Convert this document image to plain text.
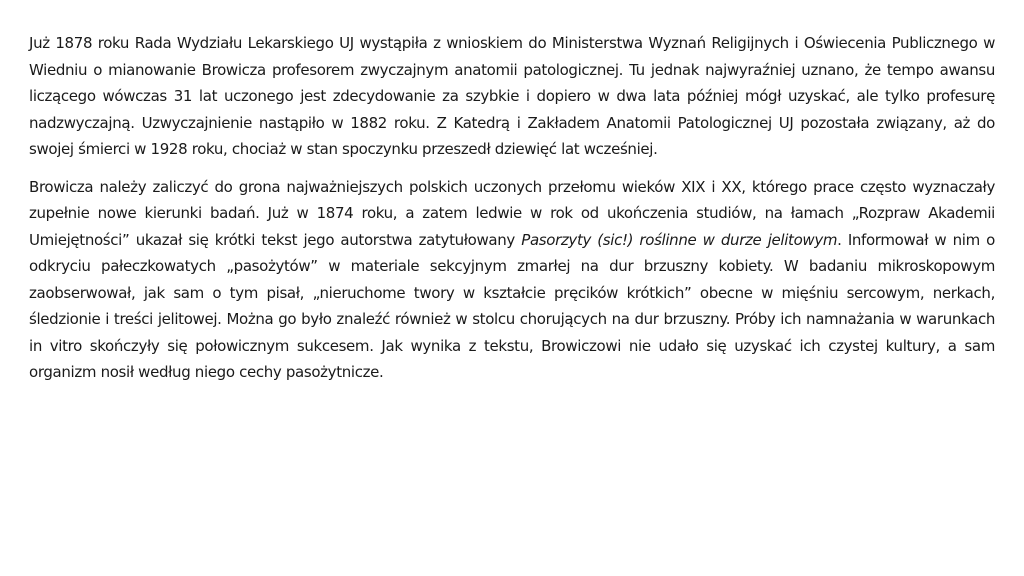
Już 1878 roku Rada Wydziału Lekarskiego UJ wystąpiła z wnioskiem do Ministerstwa Wyznań Religijnych i Oświecenia Publicznego w Wiedniu o mianowanie Browicza profesorem zwyczajnym anatomii patologicznej. Tu jednak najwyraźniej uznano, że tempo awansu liczącego wówczas 31 lat uczonego jest zdecydowanie za szybkie i dopiero w dwa lata później mógł uzyskać, ale tylko profesurę nadzwyczajną. Uzwyczajnienie nastąpiło w 1882 roku. Z Katedrą i Zakładem Anatomii Patologicznej UJ pozostała związany, aż do swojej śmierci w 1928 roku, chociaż w stan spoczynku przeszedł dziewięć lat wcześniej.

Browicza należy zaliczyć do grona najważniejszych polskich uczonych przełomu wieków XIX i XX, którego prace często wyznaczały zupełnie nowe kierunki badań. Już w 1874 roku, a zatem ledwie w rok od ukończenia studiów, na łamach „Rozpraw Akademii Umiejętności” ukazał się krótki tekst jego autorstwa zatytułowany Pasorzyty (sic!) roślinne w durze jelitowym. Informował w nim o odkryciu pałeczkowatych „pasożytów” w materiale sekcyjnym zmarłej na dur brzuszny kobiety. W badaniu mikroskopowym zaobserwował, jak sam o tym pisał, „nieruchome twory w kształcie pręcików krótkich” obecne w mięśniu sercowym, nerkach, śledzionie i treści jelitowej. Można go było znaleźć również w stolcu chorujących na dur brzuszny. Próby ich namnażania w warunkach in vitro skończyły się połowicznym sukcesem. Jak wynika z tekstu, Browiczowi nie udało się uzyskać ich czystej kultury, a sam organizm nosił według niego cechy pasożytnicze.
